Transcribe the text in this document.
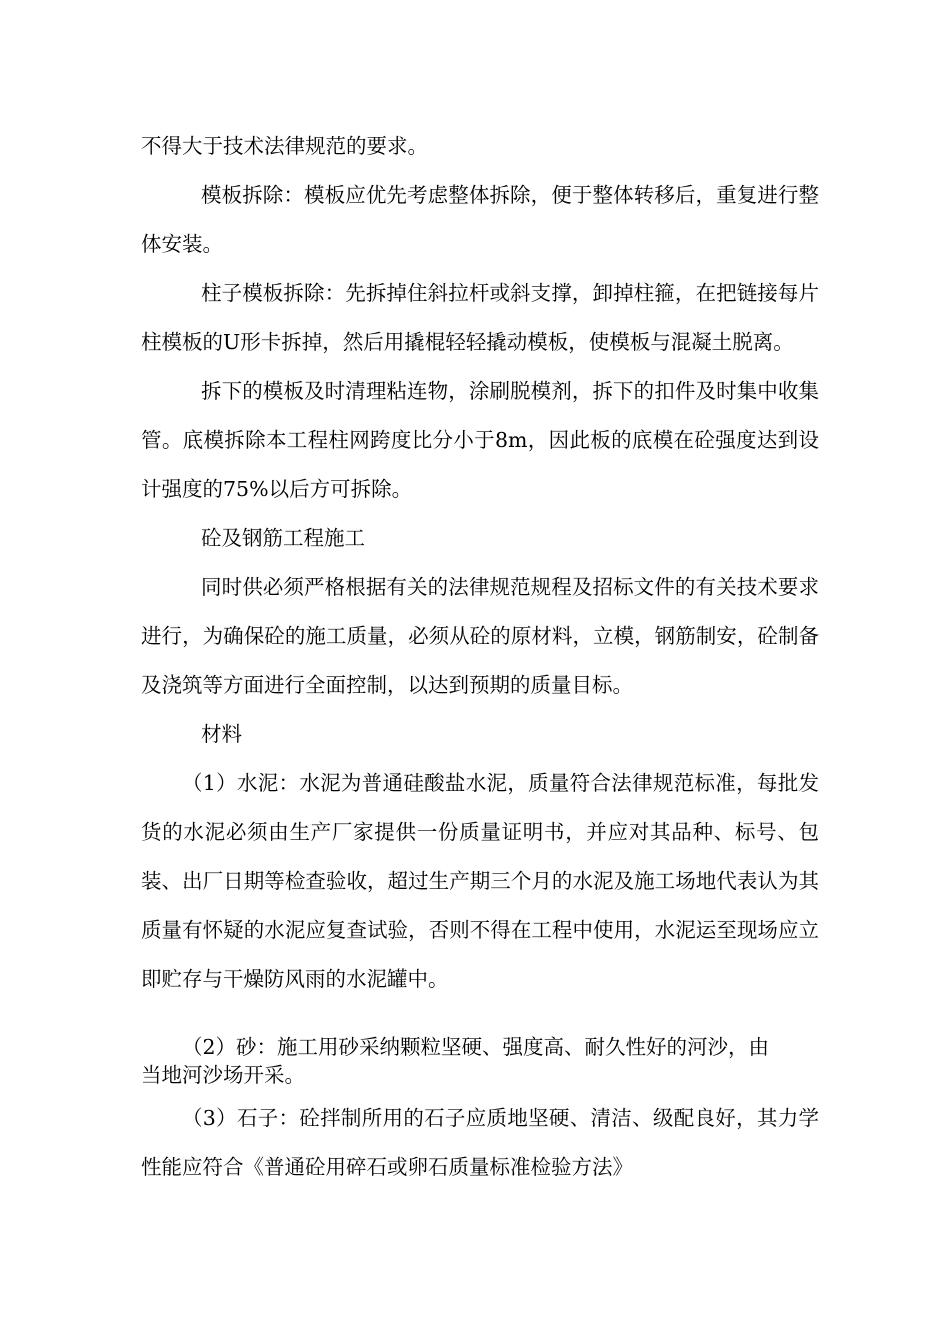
不得大于技术法律规范的要求。

模板拆除：模板应优先考虑整体拆除，便于整体转移后，重复进行整体安装。

柱子模板拆除：先拆掉住斜拉杆或斜支撑，卸掉柱箍，在把链接每片柱模板的U形卡拆掉，然后用撬棍轻轻撬动模板，使模板与混凝土脱离。

拆下的模板及时清理粘连物，涂刷脱模剂，拆下的扣件及时集中收集管。底模拆除本工程柱网跨度比分小于8m，因此板的底模在砼强度达到设计强度的75%以后方可拆除。

砼及钢筋工程施工

同时供必须严格根据有关的法律规范规程及招标文件的有关技术要求进行，为确保砼的施工质量，必须从砼的原材料，立模，钢筋制安，砼制备及浇筑等方面进行全面控制，以达到预期的质量目标。

材料

（1）水泥：水泥为普通硅酸盐水泥，质量符合法律规范标准，每批发货的水泥必须由生产厂家提供一份质量证明书，并应对其品种、标号、包装、出厂日期等检查验收，超过生产期三个月的水泥及施工场地代表认为其质量有怀疑的水泥应复查试验，否则不得在工程中使用，水泥运至现场应立即贮存与干燥防风雨的水泥罐中。

（2）砂：施工用砂采纳颗粒坚硬、强度高、耐久性好的河沙，由

当地河沙场开采。

（3）石子：砼拌制所用的石子应质地坚硬、清洁、级配良好，其力学性能应符合《普通砼用碎石或卵石质量标准检验方法》
